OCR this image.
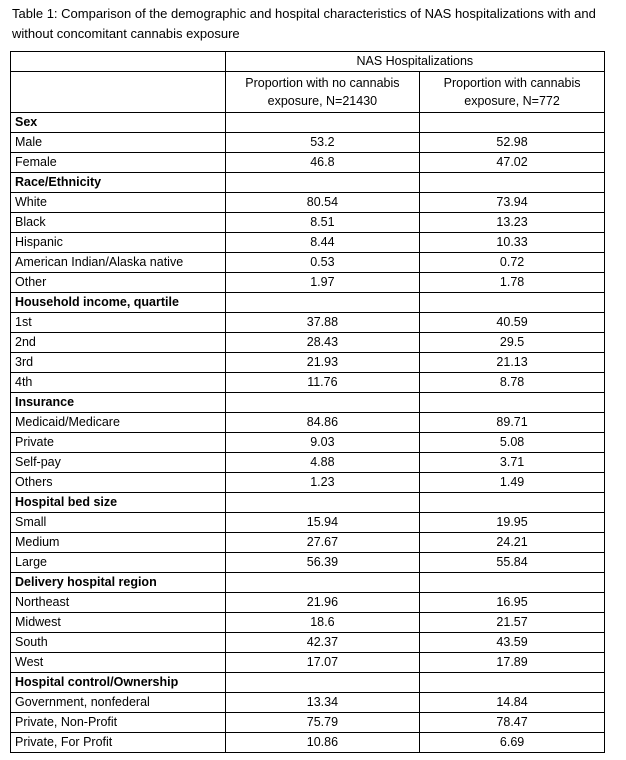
Table 1: Comparison of the demographic and hospital characteristics of NAS hospitalizations with and without concomitant cannabis exposure
	NAS Hospitalizations	
	Proportion with no cannabis exposure, N=21430	Proportion with cannabis exposure, N=772
Sex		
Male	53.2	52.98
Female	46.8	47.02
Race/Ethnicity		
White	80.54	73.94
Black	8.51	13.23
Hispanic	8.44	10.33
American Indian/Alaska native	0.53	0.72
Other	1.97	1.78
Household income, quartile		
1st	37.88	40.59
2nd	28.43	29.5
3rd	21.93	21.13
4th	11.76	8.78
Insurance		
Medicaid/Medicare	84.86	89.71
Private	9.03	5.08
Self-pay	4.88	3.71
Others	1.23	1.49
Hospital bed size		
Small	15.94	19.95
Medium	27.67	24.21
Large	56.39	55.84
Delivery hospital region		
Northeast	21.96	16.95
Midwest	18.6	21.57
South	42.37	43.59
West	17.07	17.89
Hospital control/Ownership		
Government, nonfederal	13.34	14.84
Private, Non-Profit	75.79	78.47
Private, For Profit	10.86	6.69
